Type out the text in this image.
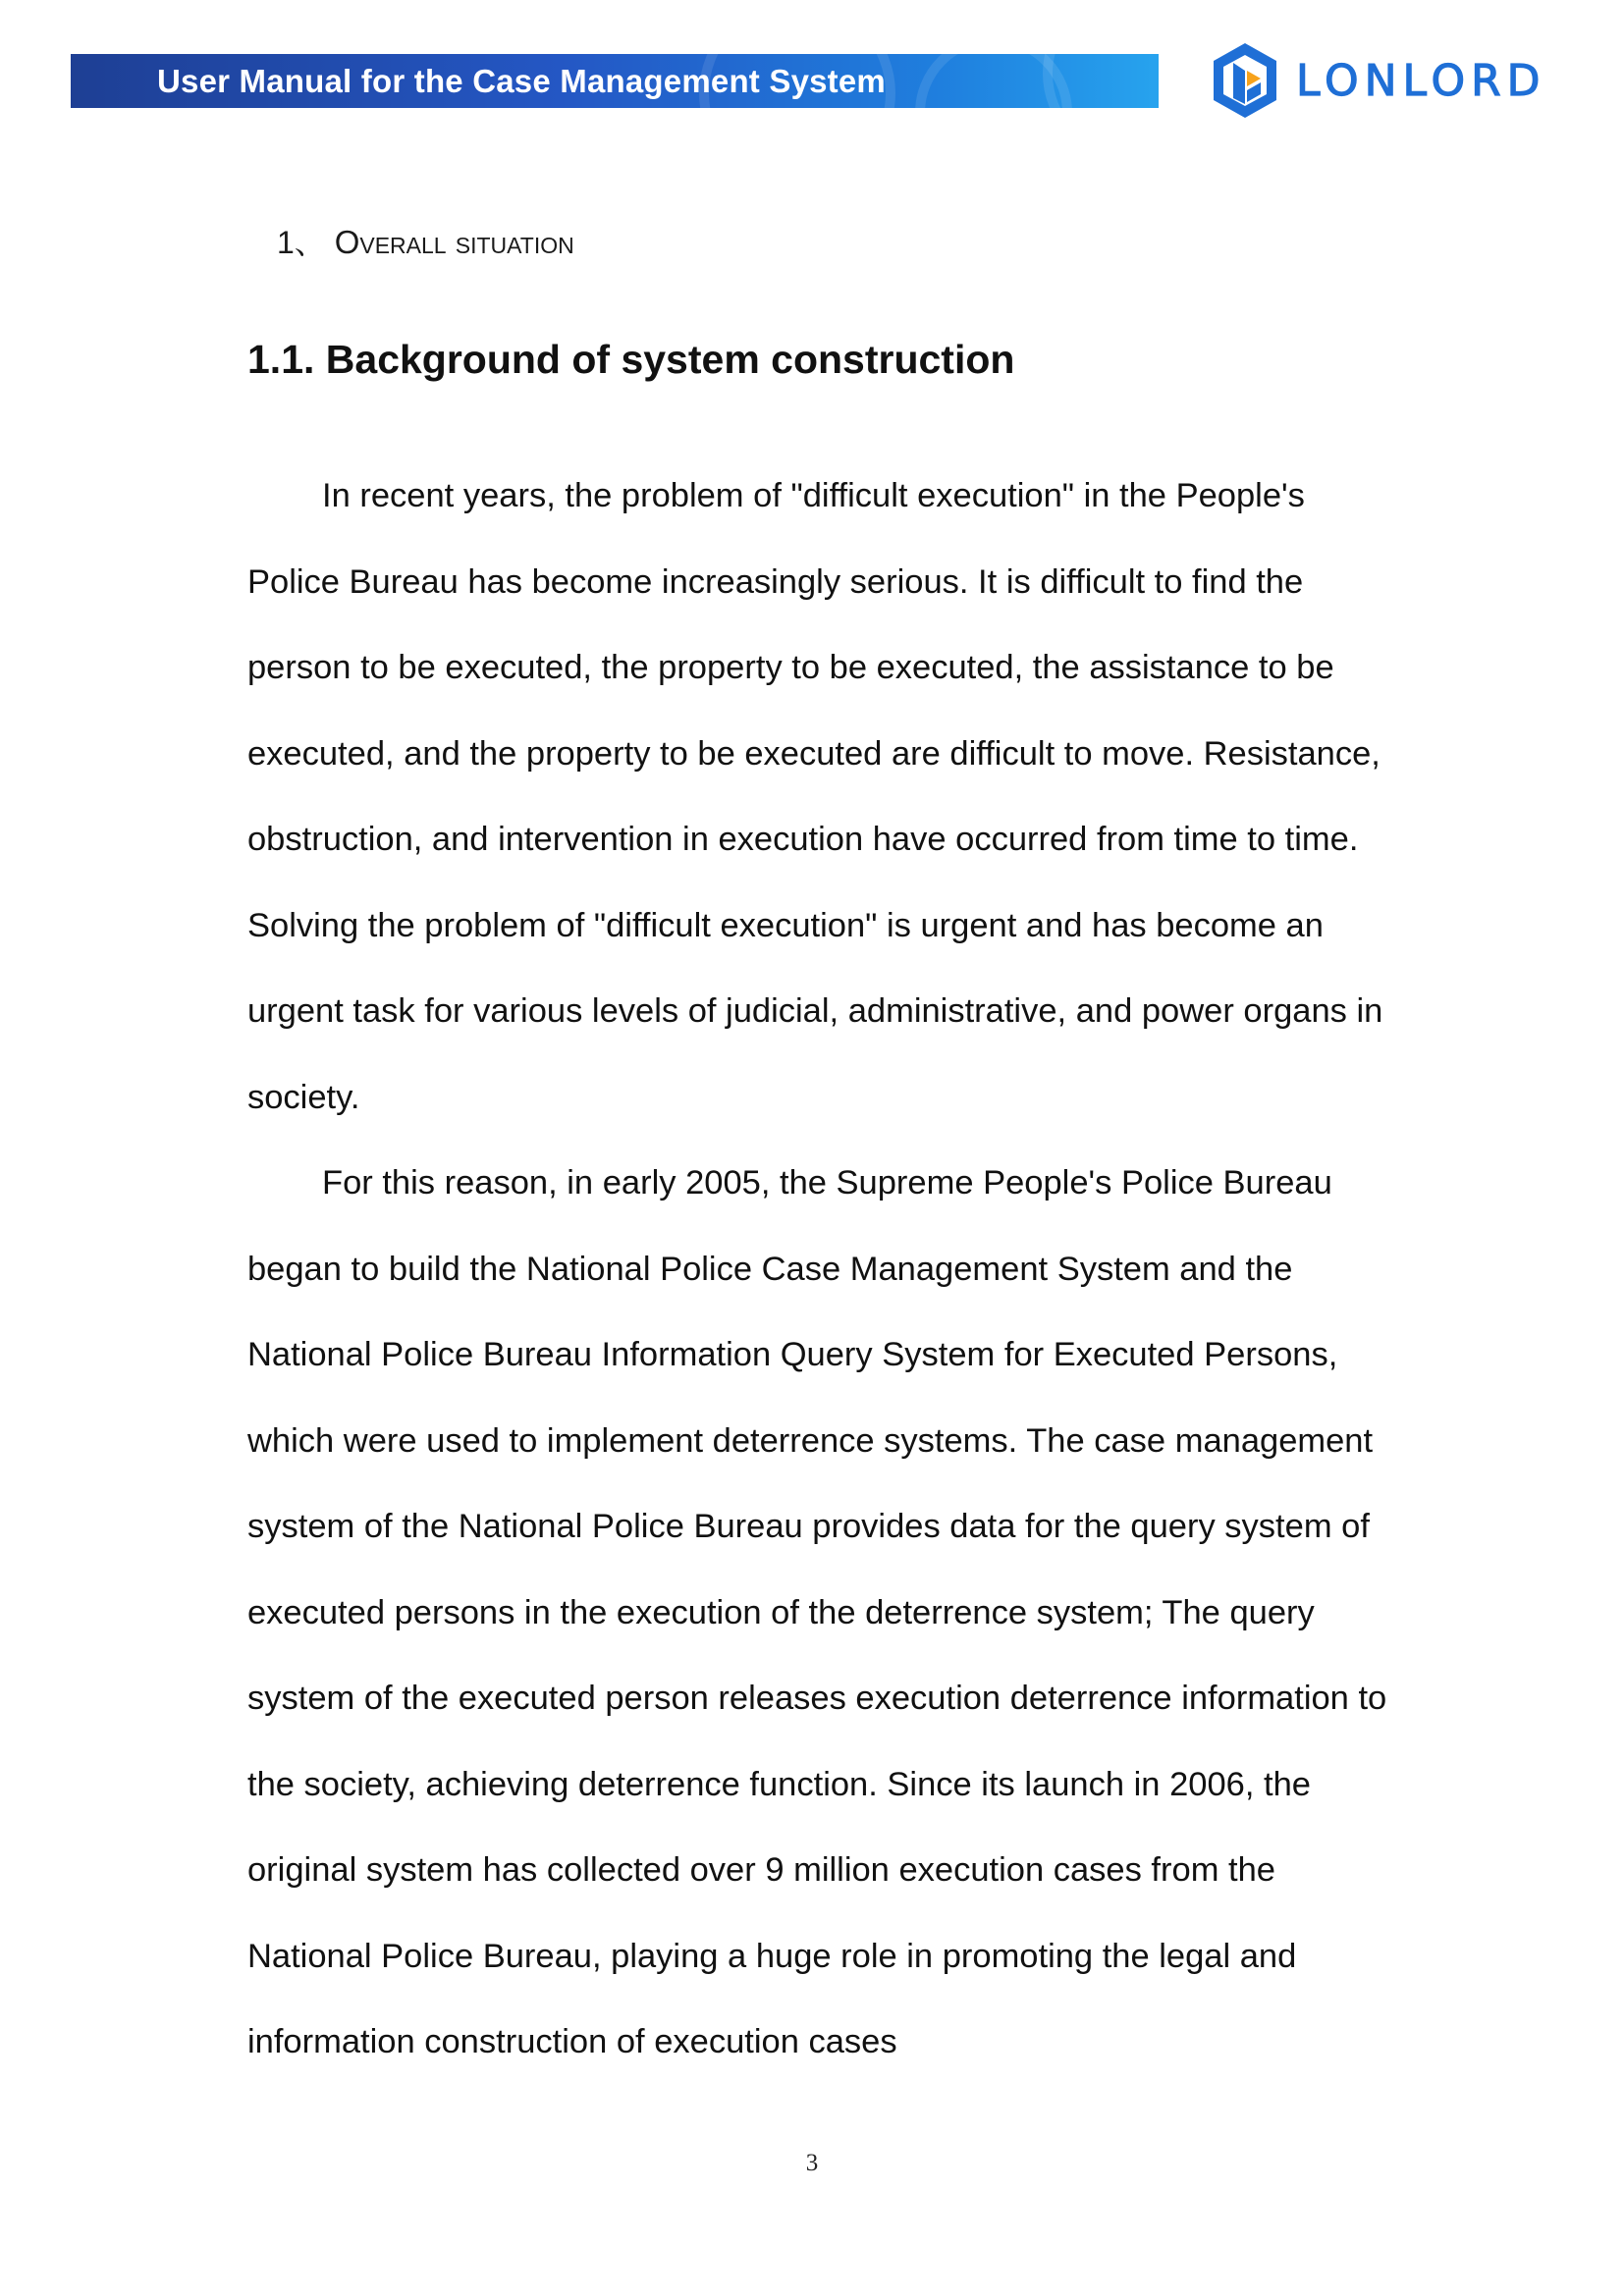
User Manual for the Case Management System	LONLORD
1、 Overall situation
1.1. Background of system construction

In recent years, the problem of "difficult execution" in the People's Police Bureau has become increasingly serious. It is difficult to find the person to be executed, the property to be executed, the assistance to be executed, and the property to be executed are difficult to move. Resistance, obstruction, and intervention in execution have occurred from time to time. Solving the problem of "difficult execution" is urgent and has become an urgent task for various levels of judicial, administrative, and power organs in society.

For this reason, in early 2005, the Supreme People's Police Bureau began to build the National Police Case Management System and the National Police Bureau Information Query System for Executed Persons, which were used to implement deterrence systems. The case management system of the National Police Bureau provides data for the query system of executed persons in the execution of the deterrence system; The query system of the executed person releases execution deterrence information to the society, achieving deterrence function. Since its launch in 2006, the original system has collected over 9 million execution cases from the National Police Bureau, playing a huge role in promoting the legal and information construction of execution cases

3
